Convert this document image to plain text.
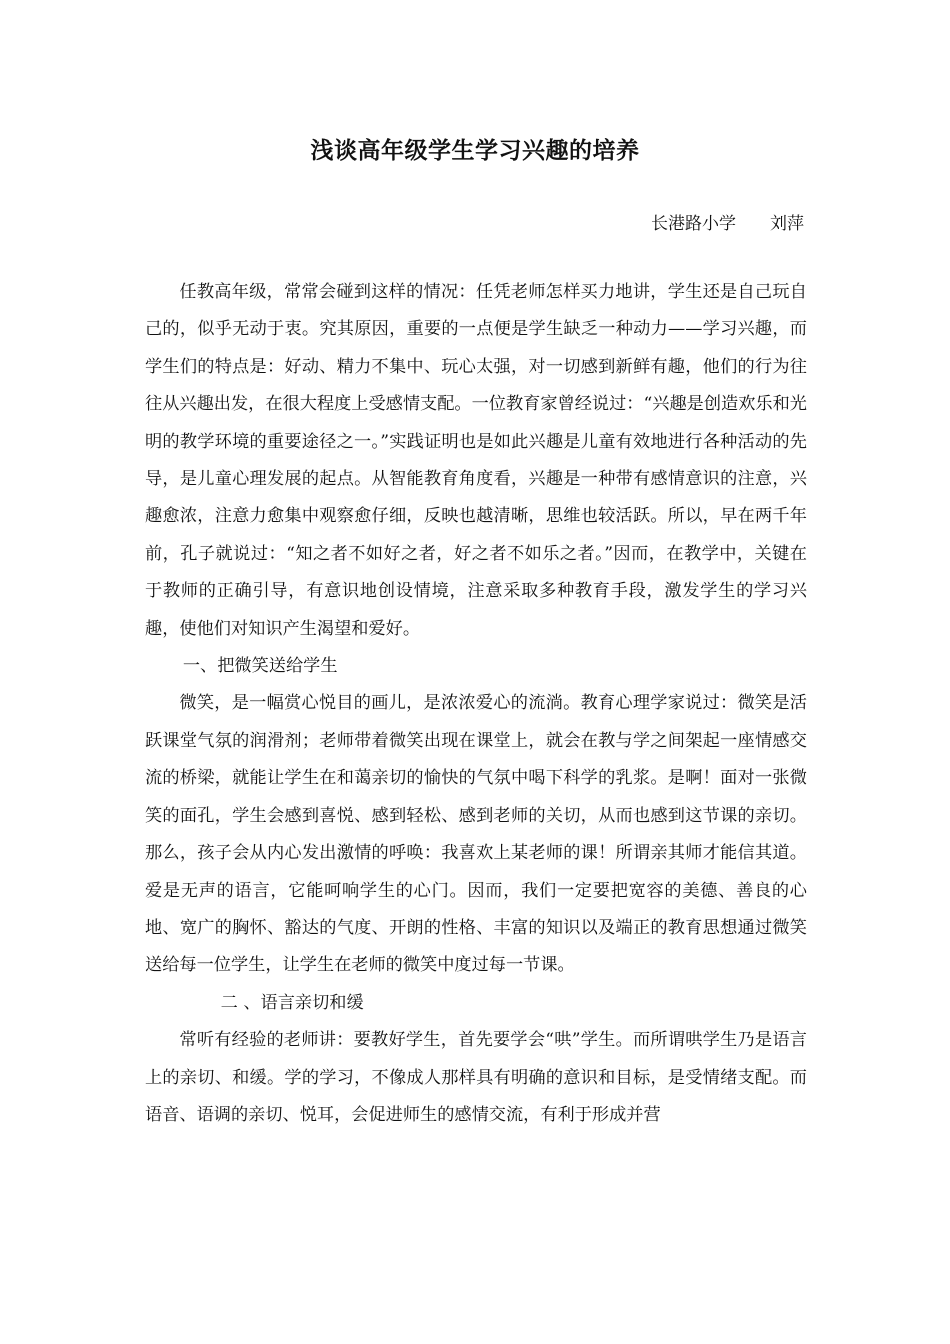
浅谈高年级学生学习兴趣的培养
长港路小学　　刘萍

任教高年级，常常会碰到这样的情况：任凭老师怎样买力地讲，学生还是自己玩自己的，似乎无动于衷。究其原因，重要的一点便是学生缺乏一种动力——学习兴趣，而学生们的特点是：好动、精力不集中、玩心太强，对一切感到新鲜有趣，他们的行为往往从兴趣出发，在很大程度上受感情支配。一位教育家曾经说过：“兴趣是创造欢乐和光明的教学环境的重要途径之一。”实践证明也是如此兴趣是儿童有效地进行各种活动的先导，是儿童心理发展的起点。从智能教育角度看，兴趣是一种带有感情意识的注意，兴趣愈浓，注意力愈集中观察愈仔细，反映也越清晰，思维也较活跃。所以，早在两千年前，孔子就说过：“知之者不如好之者，好之者不如乐之者。”因而，在教学中，关键在于教师的正确引导，有意识地创设情境，注意采取多种教育手段，激发学生的学习兴趣，使他们对知识产生渴望和爱好。

一、把微笑送给学生

微笑，是一幅赏心悦目的画儿，是浓浓爱心的流淌。教育心理学家说过：微笑是活跃课堂气氛的润滑剂；老师带着微笑出现在课堂上，就会在教与学之间架起一座情感交流的桥梁，就能让学生在和蔼亲切的愉快的气氛中喝下科学的乳浆。是啊！面对一张微笑的面孔，学生会感到喜悦、感到轻松、感到老师的关切，从而也感到这节课的亲切。那么，孩子会从内心发出激情的呼唤：我喜欢上某老师的课！所谓亲其师才能信其道。爱是无声的语言，它能呵响学生的心门。因而，我们一定要把宽容的美德、善良的心地、宽广的胸怀、豁达的气度、开朗的性格、丰富的知识以及端正的教育思想通过微笑送给每一位学生，让学生在老师的微笑中度过每一节课。

二 、语言亲切和缓

常听有经验的老师讲：要教好学生，首先要学会“哄”学生。而所谓哄学生乃是语言上的亲切、和缓。学的学习，不像成人那样具有明确的意识和目标，是受情绪支配。而语音、语调的亲切、悦耳，会促进师生的感情交流，有利于形成并营
